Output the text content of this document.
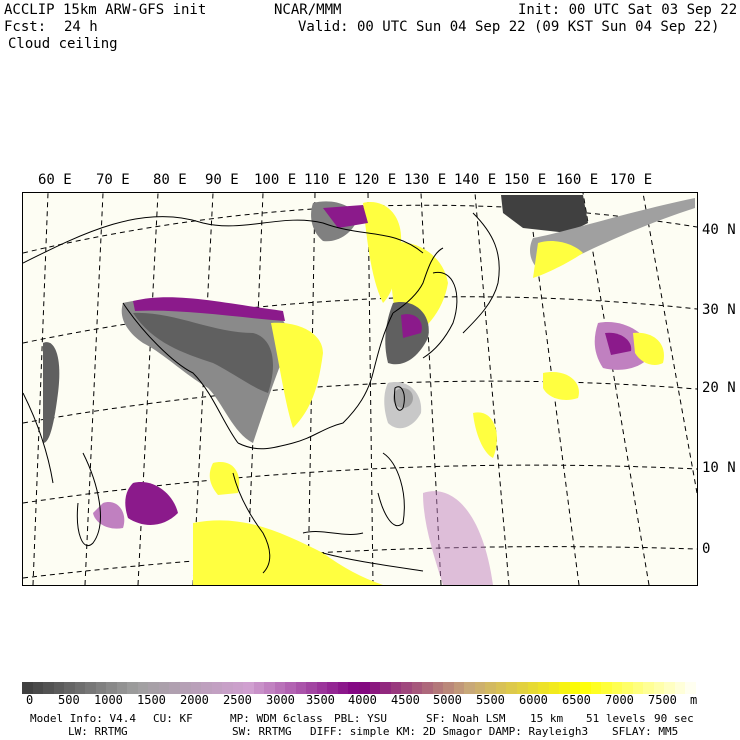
ACCLIP 15km ARW-GFS init	NCAR/MMM	Init: 00 UTC Sat 03 Sep 22
Fcst: 24 h	Valid: 00 UTC Sun 04 Sep 22 (09 KST Sun 04 Sep 22)
Cloud ceiling
60 E 70 E 80 E 90 E 100 E 110 E 120 E 130 E 140 E 150 E 160 E 170 E
40 N
30 N
20 N
10 N
0
0 500 1000 1500 2000 2500 3000 3500 4000 4500 5000 5500 6000 6500 7000 7500 m
Model Info: V4.4 CU: KF	MP: WDM 6class PBL: YSU	SF: Noah LSM 15 km 51 levels 90 sec
LW: RRTMG	SW: RRTMG DIFF: simple KM: 2D Smagor DAMP: Rayleigh3 SFLAY: MM5
